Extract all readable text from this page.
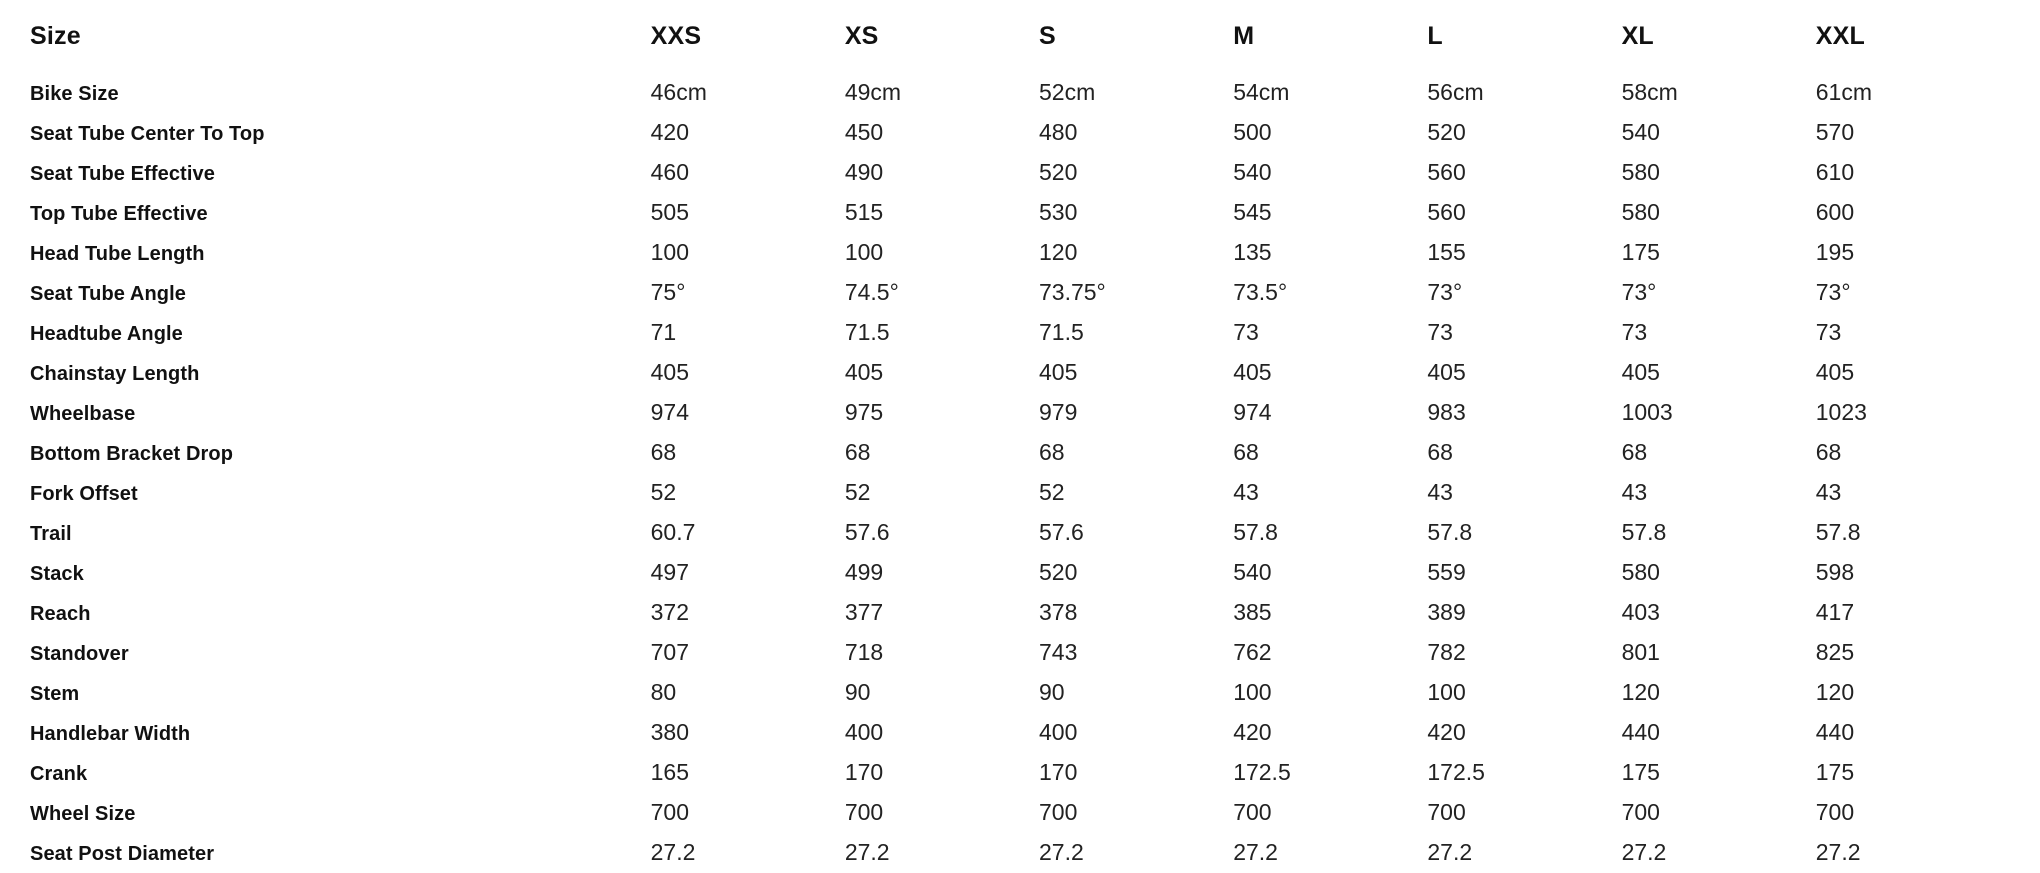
Size	XXS	XS	S	M	L	XL	XXL
Bike Size	46cm	49cm	52cm	54cm	56cm	58cm	61cm
Seat Tube Center To Top	420	450	480	500	520	540	570
Seat Tube Effective	460	490	520	540	560	580	610
Top Tube Effective	505	515	530	545	560	580	600
Head Tube Length	100	100	120	135	155	175	195
Seat Tube Angle	75°	74.5°	73.75°	73.5°	73°	73°	73°
Headtube Angle	71	71.5	71.5	73	73	73	73
Chainstay Length	405	405	405	405	405	405	405
Wheelbase	974	975	979	974	983	1003	1023
Bottom Bracket Drop	68	68	68	68	68	68	68
Fork Offset	52	52	52	43	43	43	43
Trail	60.7	57.6	57.6	57.8	57.8	57.8	57.8
Stack	497	499	520	540	559	580	598
Reach	372	377	378	385	389	403	417
Standover	707	718	743	762	782	801	825
Stem	80	90	90	100	100	120	120
Handlebar Width	380	400	400	420	420	440	440
Crank	165	170	170	172.5	172.5	175	175
Wheel Size	700	700	700	700	700	700	700
Seat Post Diameter	27.2	27.2	27.2	27.2	27.2	27.2	27.2
